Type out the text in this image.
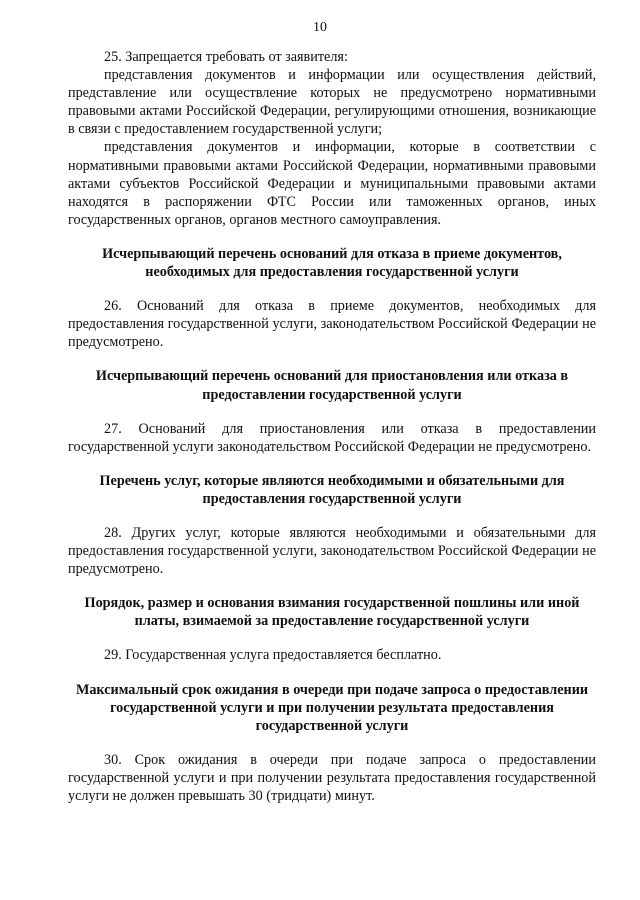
10

25. Запрещается требовать от заявителя:

представления документов и информации или осуществления действий, представление или осуществление которых не предусмотрено нормативными правовыми актами Российской Федерации, регулирующими отношения, возникающие в связи с предоставлением государственной услуги;

представления документов и информации, которые в соответствии с нормативными правовыми актами Российской Федерации, нормативными правовыми актами субъектов Российской Федерации и муниципальными правовыми актами находятся в распоряжении ФТС России или таможенных органов, иных государственных органов, органов местного самоуправления.

Исчерпывающий перечень оснований для отказа в приеме документов, необходимых для предоставления государственной услуги

26. Оснований для отказа в приеме документов, необходимых для предоставления государственной услуги, законодательством Российской Федерации не предусмотрено.

Исчерпывающий перечень оснований для приостановления или отказа в предоставлении государственной услуги

27. Оснований для приостановления или отказа в предоставлении государственной услуги законодательством Российской Федерации не предусмотрено.

Перечень услуг, которые являются необходимыми и обязательными для предоставления государственной услуги

28. Других услуг, которые являются необходимыми и обязательными для предоставления государственной услуги, законодательством Российской Федерации не предусмотрено.

Порядок, размер и основания взимания государственной пошлины или иной платы, взимаемой за предоставление государственной услуги

29. Государственная услуга предоставляется бесплатно.

Максимальный срок ожидания в очереди при подаче запроса о предоставлении государственной услуги и при получении результата предоставления государственной услуги

30. Срок ожидания в очереди при подаче запроса о предоставлении государственной услуги и при получении результата предоставления государственной услуги не должен превышать 30 (тридцати) минут.
